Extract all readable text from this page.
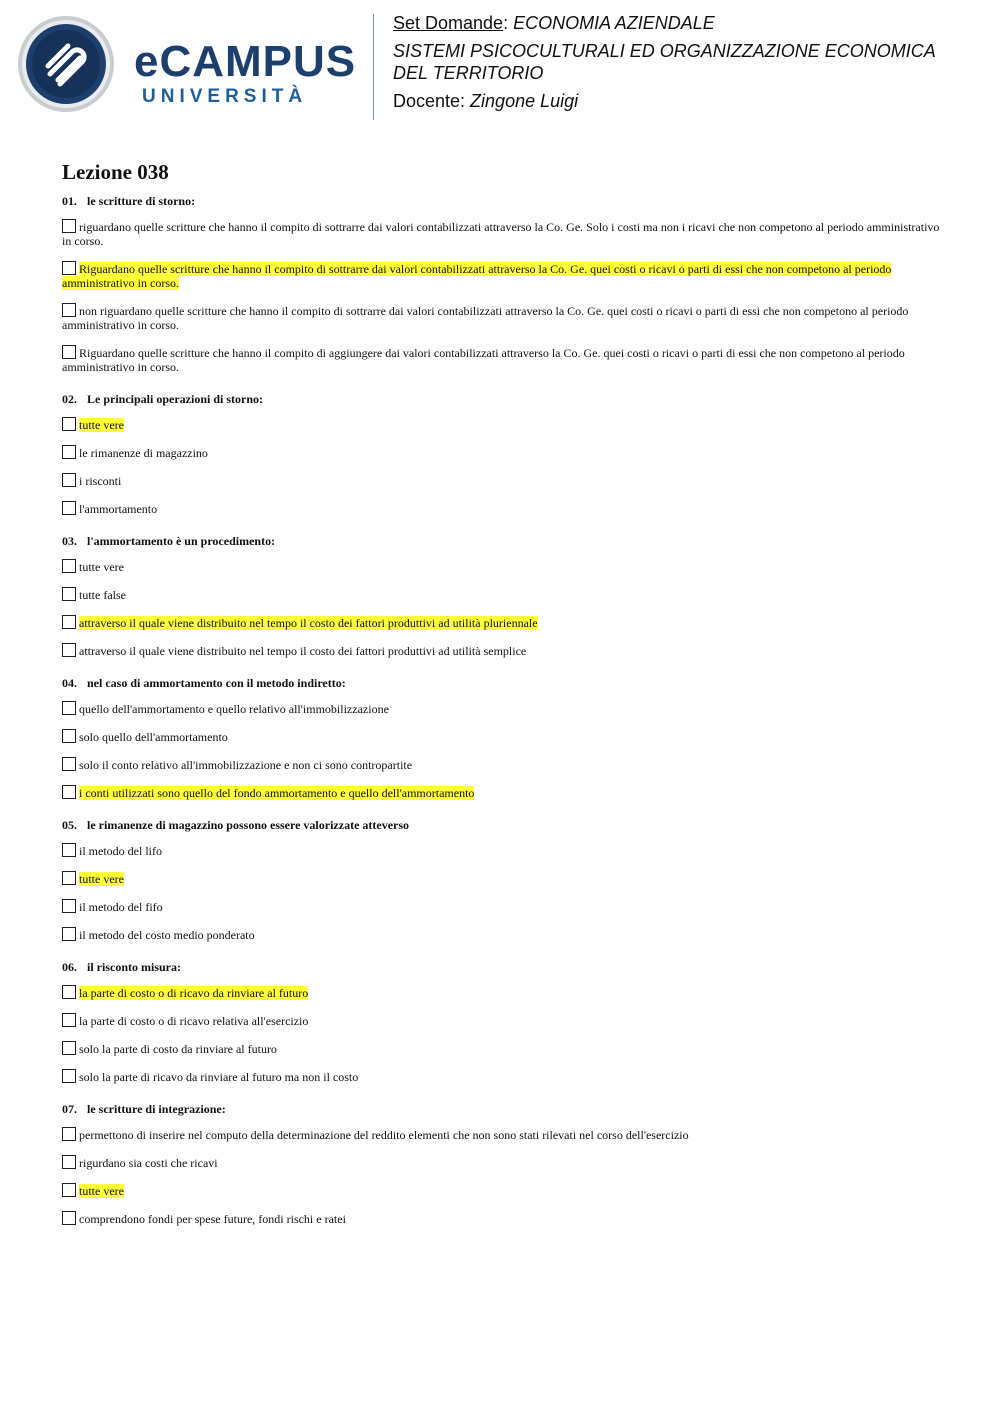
eCAMPUS
UNIVERSITÀ
Set Domande: ECONOMIA AZIENDALE
SISTEMI PSICOCULTURALI ED ORGANIZZAZIONE ECONOMICA
DEL TERRITORIO
Docente: Zingone Luigi
Lezione 038
01. le scritture di storno:
riguardano quelle scritture che hanno il compito di sottrarre dai valori contabilizzati attraverso la Co. Ge. Solo i costi ma non i ricavi che non competono al periodo amministrativo in corso.
Riguardano quelle scritture che hanno il compito di sottrarre dai valori contabilizzati attraverso la Co. Ge. quei costi o ricavi o parti di essi che non competono al periodo amministrativo in corso.
non riguardano quelle scritture che hanno il compito di sottrarre dai valori contabilizzati attraverso la Co. Ge. quei costi o ricavi o parti di essi che non competono al periodo amministrativo in corso.
Riguardano quelle scritture che hanno il compito di aggiungere dai valori contabilizzati attraverso la Co. Ge. quei costi o ricavi o parti di essi che non competono al periodo amministrativo in corso.
02. Le principali operazioni di storno:
tutte vere
le rimanenze di magazzino
i risconti
l'ammortamento
03. l'ammortamento è un procedimento:
tutte vere
tutte false
attraverso il quale viene distribuito nel tempo il costo dei fattori produttivi ad utilità pluriennale
attraverso il quale viene distribuito nel tempo il costo dei fattori produttivi ad utilità semplice
04. nel caso di ammortamento con il metodo indiretto:
quello dell'ammortamento e quello relativo all'immobilizzazione
solo quello dell'ammortamento
solo il conto relativo all'immobilizzazione e non ci sono contropartite
i conti utilizzati sono quello del fondo ammortamento e quello dell'ammortamento
05. le rimanenze di magazzino possono essere valorizzate atteverso
il metodo del lifo
tutte vere
il metodo del fifo
il metodo del costo medio ponderato
06. il risconto misura:
la parte di costo o di ricavo da rinviare al futuro
la parte di costo o di ricavo relativa all'esercizio
solo la parte di costo da rinviare al futuro
solo la parte di ricavo da rinviare al futuro ma non il costo
07. le scritture di integrazione:
permettono di inserire nel computo della determinazione del reddito elementi che non sono stati rilevati nel corso dell'esercizio
rigurdano sia costi che ricavi
tutte vere
comprendono fondi per spese future, fondi rischi e ratei
